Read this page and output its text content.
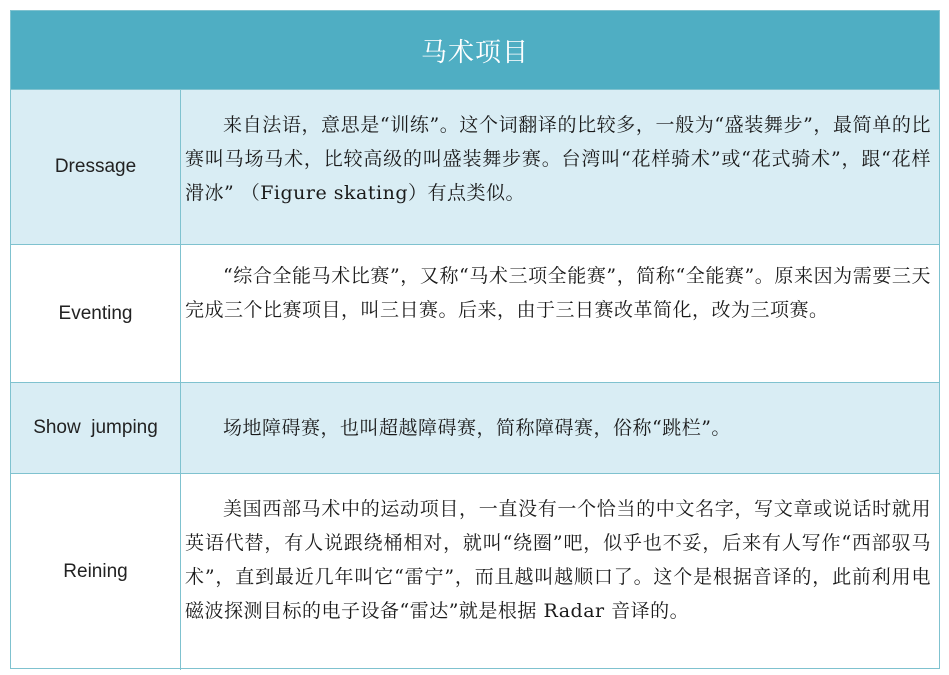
马术项目
Dressage
来自法语，意思是“训练”。这个词翻译的比较多，一般为“盛装舞步”，最简单的比赛叫马场马术，比较高级的叫盛装舞步赛。台湾叫“花样骑术”或“花式骑术”，跟“花样滑冰” （Figure skating）有点类似。
Eventing
“综合全能马术比赛”，又称“马术三项全能赛”，简称“全能赛”。原来因为需要三天完成三个比赛项目，叫三日赛。后来，由于三日赛改革简化，改为三项赛。
Show  jumping	场地障碍赛，也叫超越障碍赛，简称障碍赛，俗称“跳栏”。
Reining
美国西部马术中的运动项目，一直没有一个恰当的中文名字，写文章或说话时就用英语代替，有人说跟绕桶相对，就叫“绕圈”吧，似乎也不妥，后来有人写作“西部驭马术”，直到最近几年叫它“雷宁”，而且越叫越顺口了。这个是根据音译的，此前利用电磁波探测目标的电子设备“雷达”就是根据 Radar 音译的。
